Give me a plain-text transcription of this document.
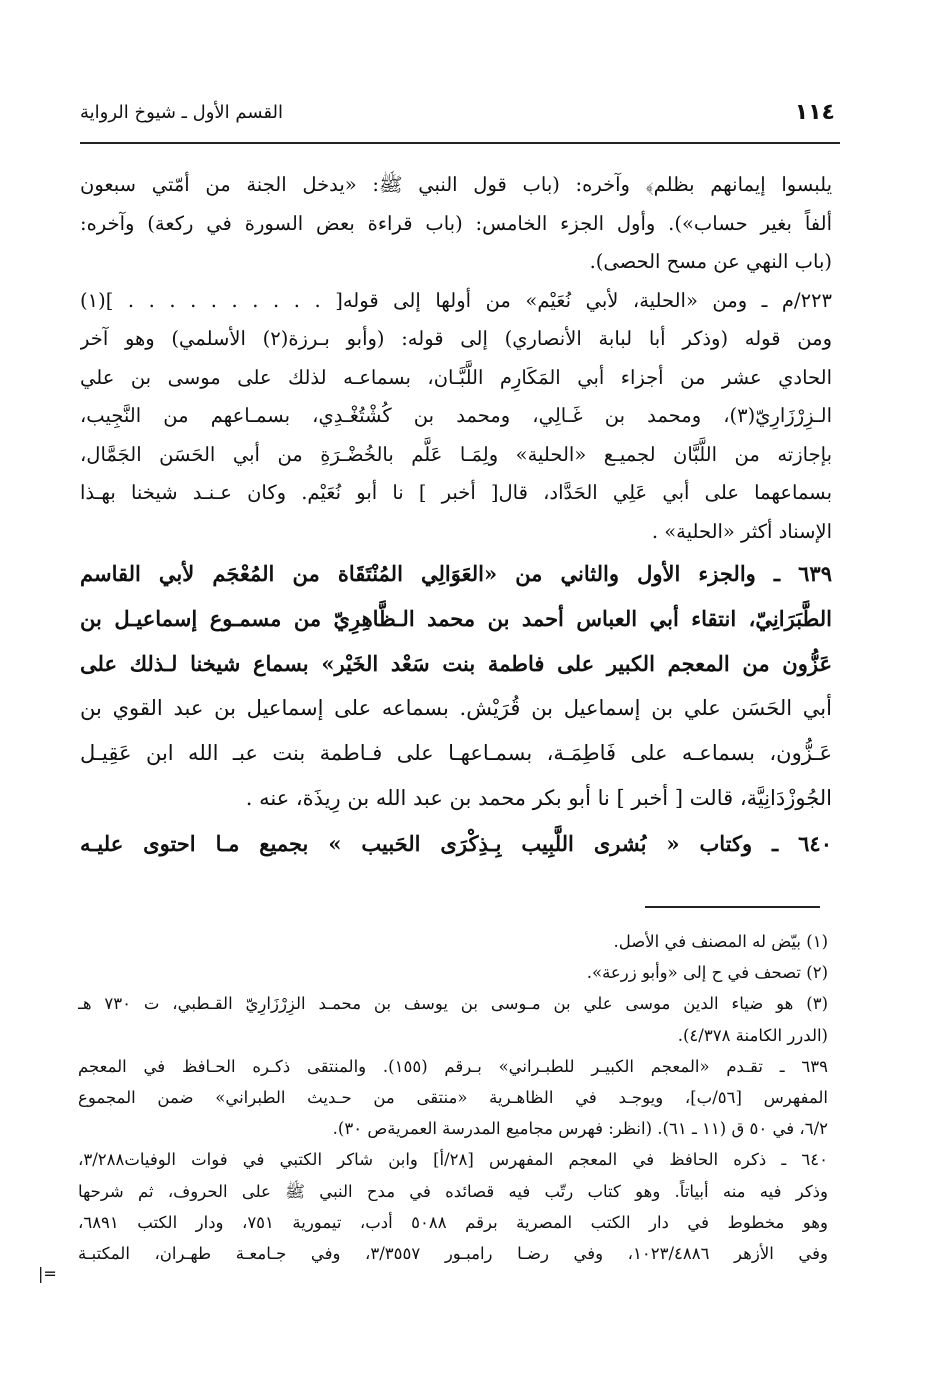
١١٤
القسم الأول ـ شيوخ الرواية
يلبسوا إيمانهم بظلم﴾ وآخره: (باب قول النبي ﷺ: «يدخل الجنة من أمّتي سبعون
ألفاً بغير حساب»). وأول الجزء الخامس: (باب قراءة بعض السورة في ركعة) وآخره:
(باب النهي عن مسح الحصى).
٢٢٣/م ـ ومن «الحلية، لأبي نُعَيْم» من أولها إلى قوله[ . . . . . . . . . . ](١)
ومن قوله (وذكر أبا لبابة الأنصاري) إلى قوله: (وأبو بـرزة(٢) الأسلمي) وهو آخر
الحادي عشر من أجزاء أبي المَكَارِم اللَّبَّـان، بسماعـه لذلك على موسى بن علي
الـزِرْزَارِيّ(٣)، ومحمد بن غَـالِي، ومحمد بن كُشْتُغْـدِي، بسمـاعهم من النَّجِيب،
بإجازته من اللَّبَّان لجميـع «الحلية» ولِمَـا عَلَّم بالخُضْـرَةِ من أبي الحَسَن الجَمَّال،
بسماعهما على أبي عَلِي الحَدَّاد، قال[ أخبر ] نا أبو نُعَيْم. وكان عـنـد شيخنا بهـذا
الإسناد أكثر «الحلية» .
٦٣٩ ـ والجزء الأول والثاني من «العَوَالِي المُنْتَقَاة من المُعْجَم لأبي القاسم
الطَّبَرَانِيّ، انتقاء أبي العباس أحمد بن محمد الـظَّاهِرِيّ من مسمـوع إسماعيـل بن
عَزُّون من المعجم الكبير على فاطمة بنت سَعْد الخَيْر» بسماع شيخنا لـذلك على
أبي الحَسَن علي بن إسماعيل بن قُرَيْش. بسماعه على إسماعيل بن عبد القوي بن
عَـزُّون، بسماعـه على فَاطِمَـة، بسمـاعهـا على فـاطمة بنت عبـ الله ابن عَقِيـل
الجُوزْدَانِيَّة، قالت [ أخبر ] نا أبو بكر محمد بن عبد الله بن رِيذَة، عنه .
٦٤٠ ـ وكتاب « بُشرى اللَّبِيب بِـذِكْرَى الحَبيب » بجميع مـا احتوى عليـه
(١) بيّض له المصنف في الأصل.
(٢) تصحف في ح إلى «وأبو زرعة».
(٣) هو ضياء الدين موسى علي بن مـوسى بن يوسف بن محمـد الزِرْزَارِيّ القـطبي، ت ٧٣٠ هـ
(الدرر الكامنة ٤/٣٧٨).
٦٣٩ ـ تقـدم «المعجم الكبيـر للطبـراني» بـرقم (١٥٥). والمنتقى ذكـره الحـافظ في المعجم
المفهرس [٥٦/ب]، ويوجـد في الظاهـرية «منتقى من حـديث الطبراني» ضمن المجموع
٦/٢، في ٥٠ ق (١١ ـ ٦١). (انظر: فهرس مجاميع المدرسة العمريةص ٣٠).
٦٤٠ ـ ذكره الحافظ في المعجم المفهرس [٢٨/أ] وابن شاكر الكتبي في فوات الوفيات٣/٢٨٨،
وذكر فيه منه أبياتاً. وهو كتاب رتّب فيه قصائده في مدح النبي ﷺ على الحروف، ثم شرحها
وهو مخطوط في دار الكتب المصرية برقم ٥٠٨٨ أدب، تيمورية ٧٥١، ودار الكتب ٦٨٩١،
وفي الأزهر ١٠٢٣/٤٨٨٦، وفي رضـا رامبـور ٣/٣٥٥٧، وفي جـامعـة طهـران، المكتبـة
=|
